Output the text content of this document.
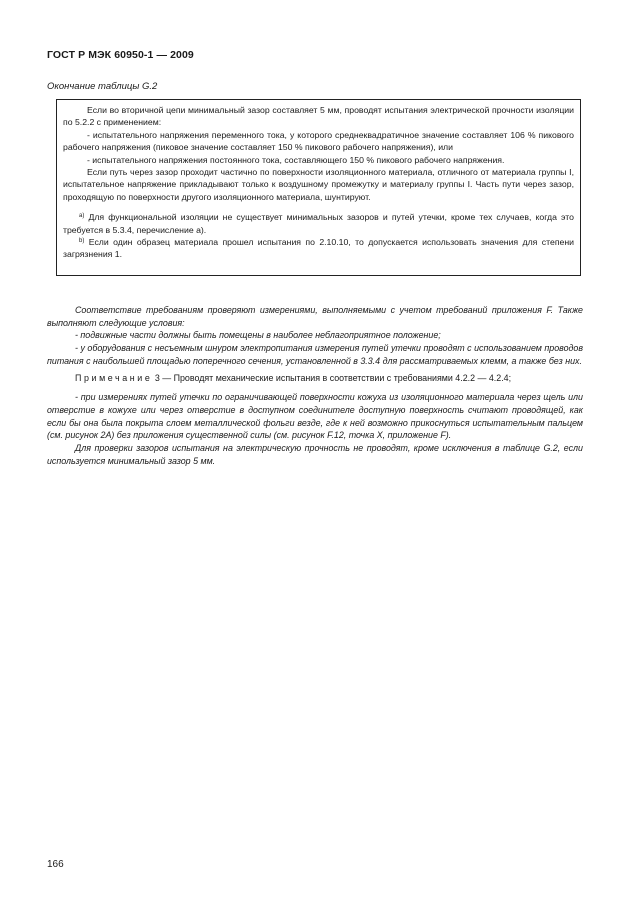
ГОСТ Р МЭК 60950-1 — 2009
Окончание таблицы G.2

Если во вторичной цепи минимальный зазор составляет 5 мм, проводят испытания электрической прочности изоляции по 5.2.2 с применением:

- испытательного напряжения переменного тока, у которого среднеквадратичное значение составляет 106 % пикового рабочего напряжения (пиковое значение составляет 150 % пикового рабочего напряжения), или

- испытательного напряжения постоянного тока, составляющего 150 % пикового рабочего напряжения.

Если путь через зазор проходит частично по поверхности изоляционного материала, отличного от материала группы I, испытательное напряжение прикладывают только к воздушному промежутку и материалу группы I. Часть пути через зазор, проходящую по поверхности другого изоляционного материала, шунтируют.

$^{а)}$ Для функциональной изоляции не существует минимальных зазоров и путей утечки, кроме тех случаев, когда это требуется в 5.3.4, перечисление а).

$^{b)}$ Если один образец материала прошел испытания по 2.10.10, то допускается использовать значения для степени загрязнения 1.

Соответствие требованиям проверяют измерениями, выполняемыми с учетом требований приложения F. Также выполняют следующие условия:

- подвижные части должны быть помещены в наиболее неблагоприятное положение;

- у оборудования с несъемным шнуром электропитания измерения путей утечки проводят с использованием проводов питания с наибольшей площадью поперечного сечения, установленной в 3.3.4 для рассматриваемых клемм, а также без них.

Примечание 3 — Проводят механические испытания в соответствии с требованиями 4.2.2 — 4.2.4;

- при измерениях путей утечки по ограничивающей поверхности кожуха из изоляционного материала через щель или отверстие в кожухе или через отверстие в доступном соединителе доступную поверхность считают проводящей, как если бы она была покрыта слоем металлической фольги везде, где к ней возможно прикоснуться испытательным пальцем (см. рисунок 2А) без приложения существенной силы (см. рисунок F.12, точка X, приложение F).

Для проверки зазоров испытания на электрическую прочность не проводят, кроме исключения в таблице G.2, если используется минимальный зазор 5 мм.

166
